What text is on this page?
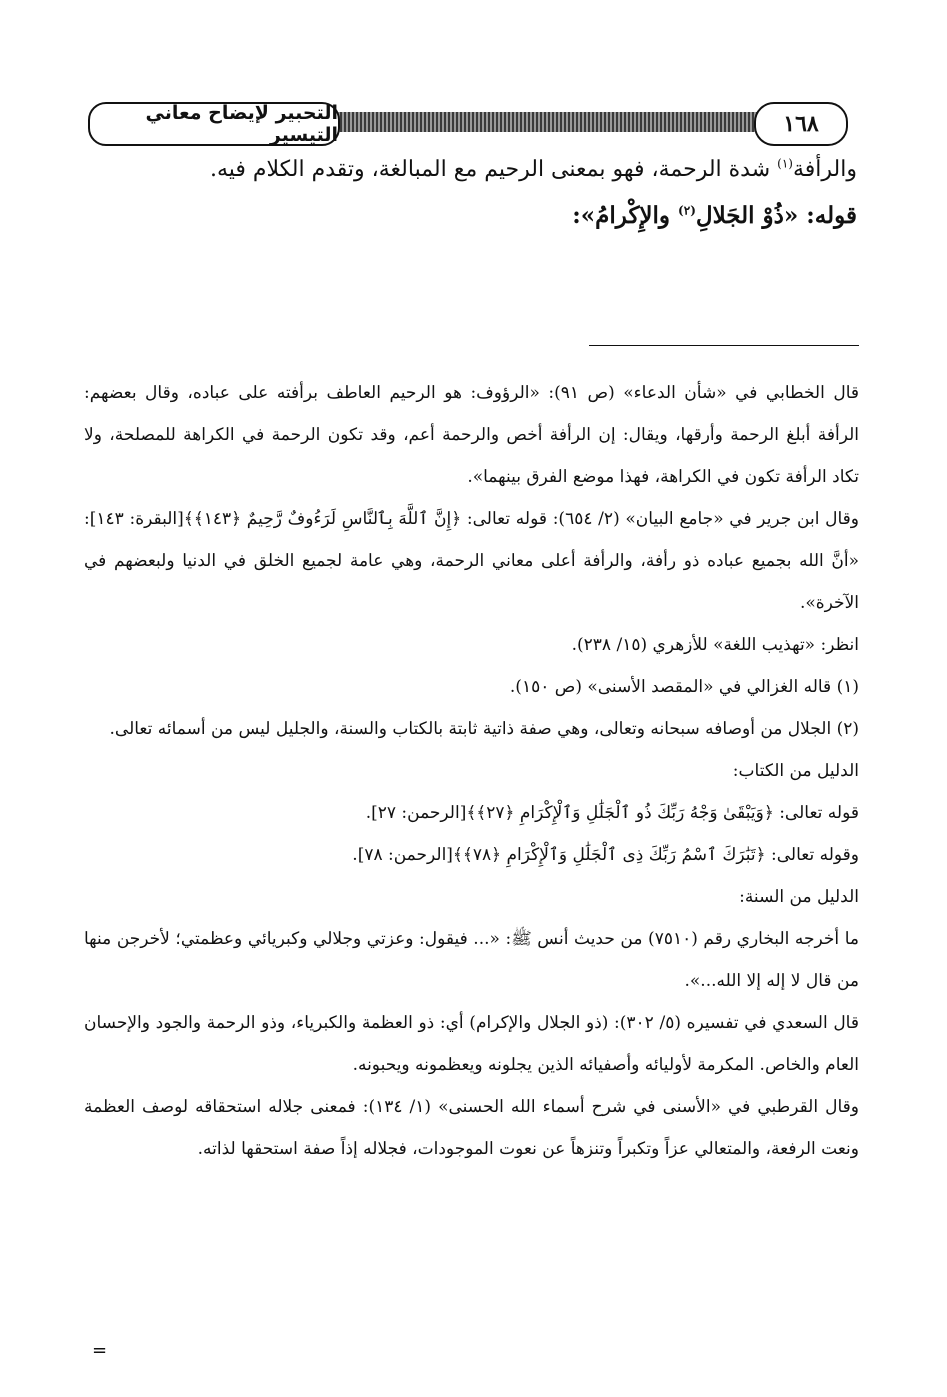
التحبير لإيضاح معاني التيسير	١٦٨

والرأفة$^{(١)}$ شدة الرحمة، فهو بمعنى الرحيم مع المبالغة، وتقدم الكلام فيه.

قوله: «ذُوْ الجَلالِ$^{(٢)}$ والإِكْرامُ»:

قال الخطابي في «شأن الدعاء» (ص ٩١): «الرؤوف: هو الرحيم العاطف برأفته على عباده، وقال بعضهم: الرأفة أبلغ الرحمة وأرقها، ويقال: إن الرأفة أخص والرحمة أعم، وقد تكون الرحمة في الكراهة للمصلحة، ولا تكاد الرأفة تكون في الكراهة، فهذا موضع الفرق بينهما».

وقال ابن جرير في «جامع البيان» (٢/ ٦٥٤): قوله تعالى: ﴿إِنَّ ٱللَّهَ بِٱلنَّاسِ لَرَءُوفٌ رَّحِيمٌ ﴿١٤٣﴾﴾[البقرة: ١٤٣]: «أنَّ الله بجميع عباده ذو رأفة، والرأفة أعلى معاني الرحمة، وهي عامة لجميع الخلق في الدنيا ولبعضهم في الآخرة».

انظر: «تهذيب اللغة» للأزهري (١٥/ ٢٣٨).

(١) قاله الغزالي في «المقصد الأسنى» (ص ١٥٠).

(٢) الجلال من أوصافه سبحانه وتعالى، وهي صفة ذاتية ثابتة بالكتاب والسنة، والجليل ليس من أسمائه تعالى.

الدليل من الكتاب:

قوله تعالى: ﴿وَيَبْقَىٰ وَجْهُ رَبِّكَ ذُو ٱلْجَلَٰلِ وَٱلْإِكْرَامِ ﴿٢٧﴾﴾[الرحمن: ٢٧].

وقوله تعالى: ﴿تَبَٰرَكَ ٱسْمُ رَبِّكَ ذِى ٱلْجَلَٰلِ وَٱلْإِكْرَامِ ﴿٧٨﴾﴾[الرحمن: ٧٨].

الدليل من السنة:

ما أخرجه البخاري رقم (٧٥١٠) من حديث أنس ﷺ: «... فيقول: وعزتي وجلالي وكبريائي وعظمتي؛ لأخرجن منها من قال لا إله إلا الله...».

قال السعدي في تفسيره (٥/ ٣٠٢): (ذو الجلال والإكرام) أي: ذو العظمة والكبرياء، وذو الرحمة والجود والإحسان العام والخاص. المكرمة لأوليائه وأصفيائه الذين يجلونه ويعظمونه ويحبونه.

وقال القرطبي في «الأسنى في شرح أسماء الله الحسنى» (١/ ١٣٤): فمعنى جلاله استحقاقه لوصف العظمة ونعت الرفعة، والمتعالي عزاً وتكبراً وتنزهاً عن نعوت الموجودات، فجلاله إذاً صفة استحقها لذاته.

=
